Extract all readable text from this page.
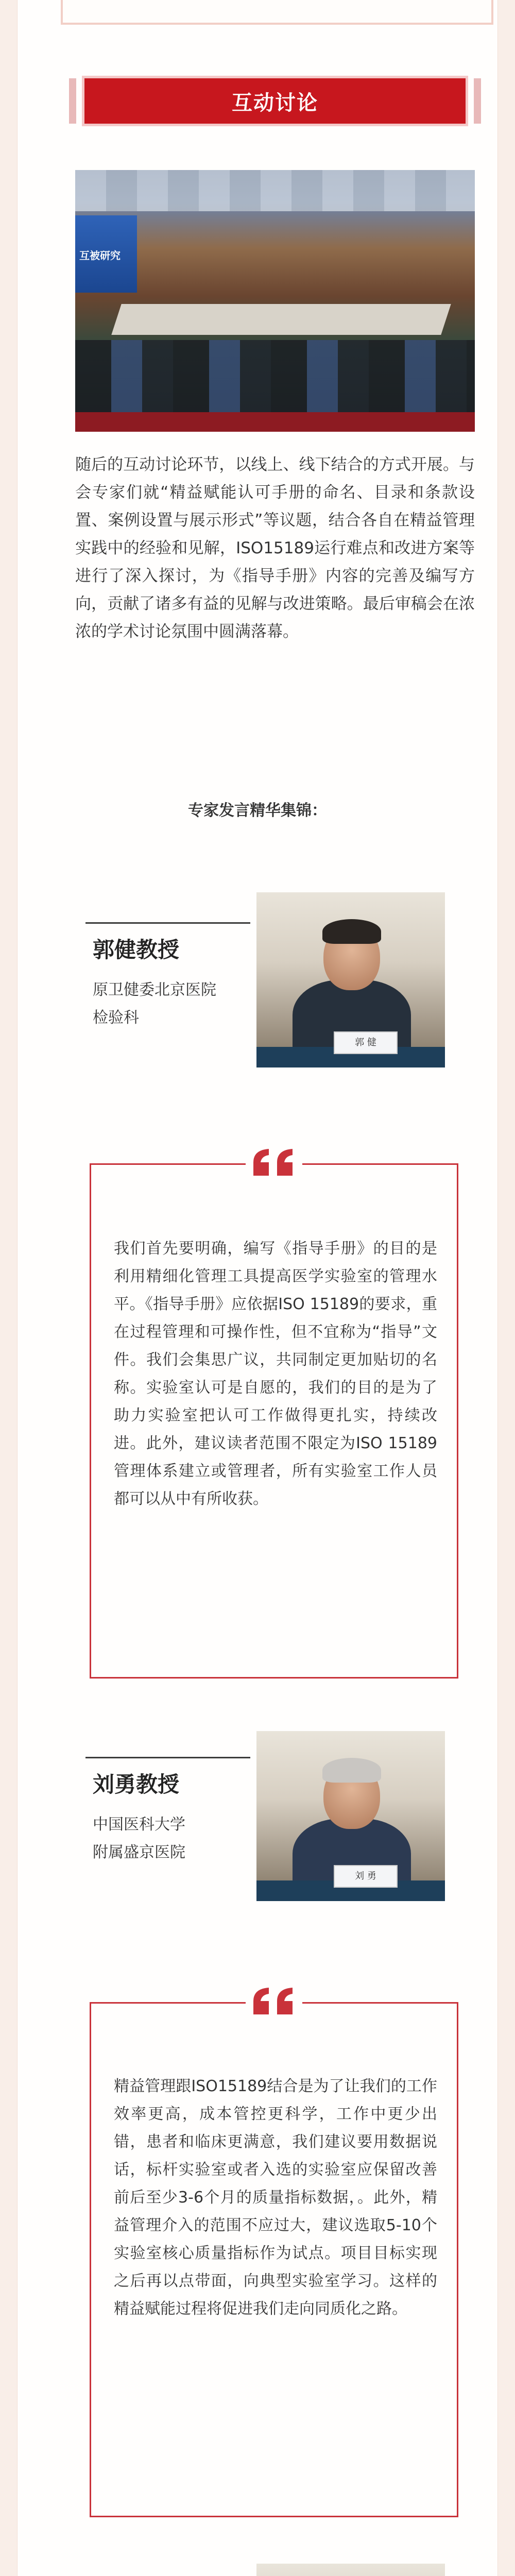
互动讨论
互被研究

随后的互动讨论环节，以线上、线下结合的方式开展。与会专家们就“精益赋能认可手册的命名、目录和条款设置、案例设置与展示形式”等议题，结合各自在精益管理实践中的经验和见解，ISO15189运行难点和改进方案等进行了深入探讨，为《指导手册》内容的完善及编写方向，贡献了诸多有益的见解与改进策略。最后审稿会在浓浓的学术讨论氛围中圆满落幕。

专家发言精华集锦：
郭健教授
原卫健委北京医院
检验科
郭 健

我们首先要明确，编写《指导手册》的目的是利用精细化管理工具提高医学实验室的管理水平。《指导手册》应依据ISO 15189的要求，重在过程管理和可操作性，但不宜称为“指导”文件。我们会集思广议，共同制定更加贴切的名称。实验室认可是自愿的，我们的目的是为了助力实验室把认可工作做得更扎实，持续改进。此外，建议读者范围不限定为ISO 15189管理体系建立或管理者，所有实验室工作人员都可以从中有所收获。

刘勇教授
中国医科大学
附属盛京医院
刘 勇

精益管理跟ISO15189结合是为了让我们的工作效率更高，成本管控更科学，工作中更少出错，患者和临床更满意，我们建议要用数据说话，标杆实验室或者入选的实验室应保留改善前后至少3-6个月的质量指标数据，。此外，精益管理介入的范围不应过大，建议选取5-10个实验室核心质量指标作为试点。项目目标实现之后再以点带面，向典型实验室学习。这样的精益赋能过程将促进我们走向同质化之路。
